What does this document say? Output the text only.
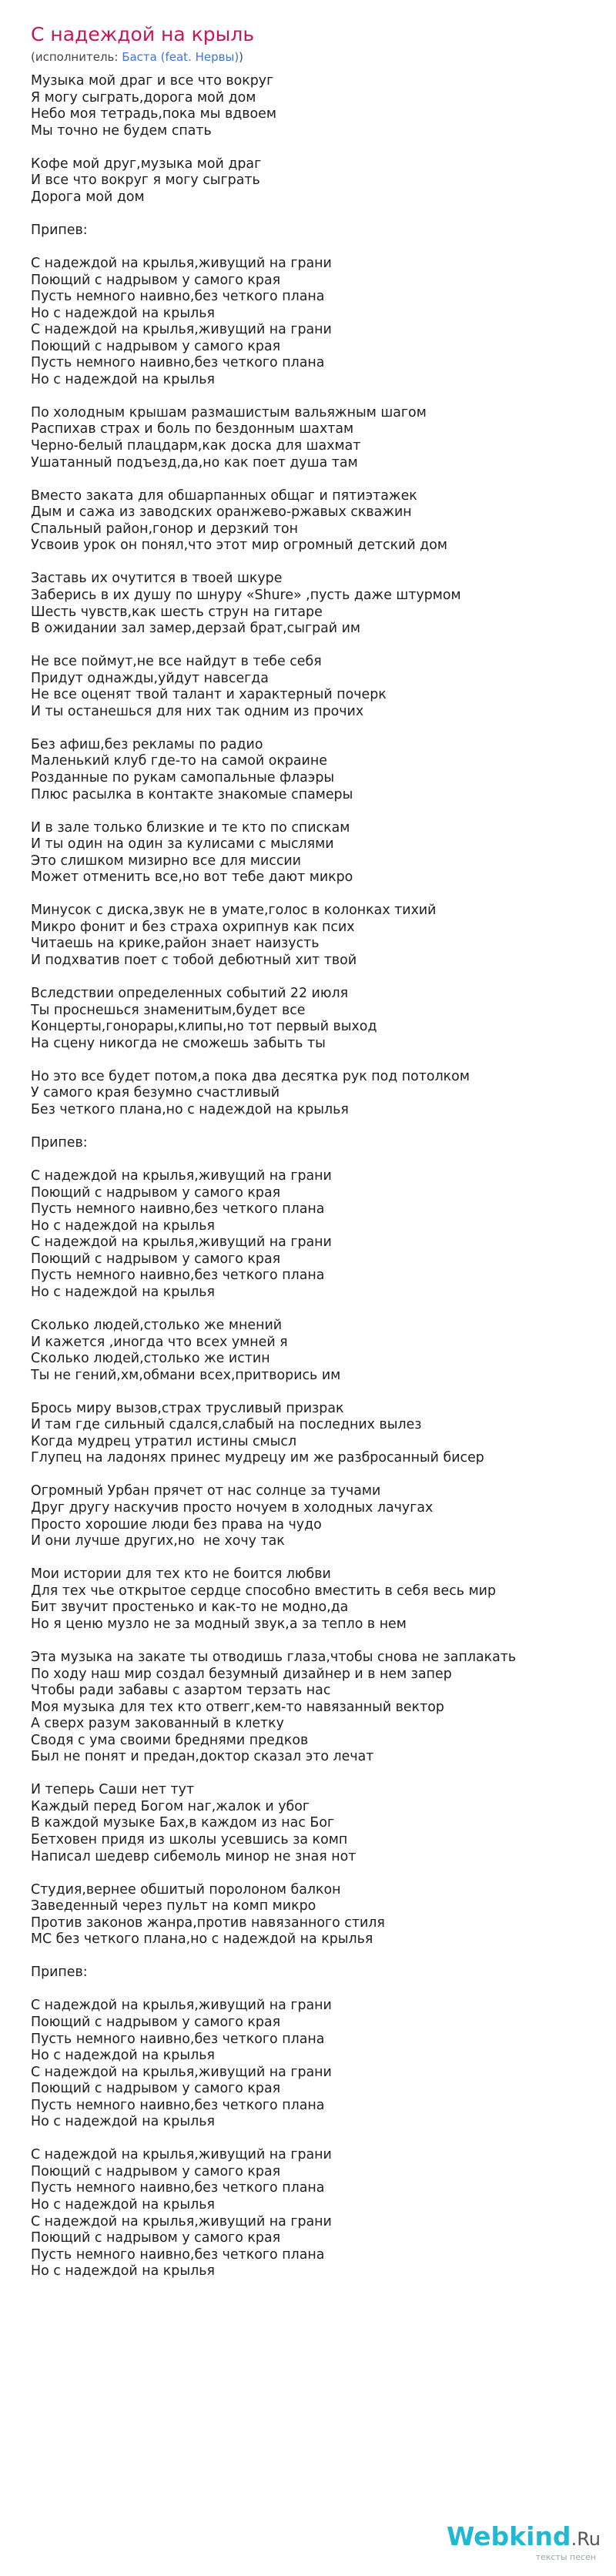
С надеждой на крыль
(исполнитель: Баста (feat. Нервы))
Музыка мой драг и все что вокруг
Я могу сыграть,дорога мой дом
Небо моя тетрадь,пока мы вдвоем
Мы точно не будем спать

Кофе мой друг,музыка мой драг
И все что вокруг я могу сыграть
Дорога мой дом

Припев:

С надеждой на крылья,живущий на грани
Поющий с надрывом у самого края
Пусть немного наивно,без четкого плана
Но с надеждой на крылья
С надеждой на крылья,живущий на грани
Поющий с надрывом у самого края
Пусть немного наивно,без четкого плана
Но с надеждой на крылья

По холодным крышам размашистым вальяжным шагом
Распихав страх и боль по бездонным шахтам
Черно-белый плацдарм,как доска для шахмат
Ушатанный подъезд,да,но как поет душа там

Вместо заката для обшарпанных общаг и пятиэтажек
Дым и сажа из заводских оранжево-ржавых скважин
Спальный район,гонор и дерзкий тон
Усвоив урок он понял,что этот мир огромный детский дом

Заставь их очутится в твоей шкуре
Заберись в их душу по шнуру «Shure» ,пусть даже штурмом
Шесть чувств,как шесть струн на гитаре
В ожидании зал замер,дерзай брат,сыграй им

Не все поймут,не все найдут в тебе себя
Придут однажды,уйдут навсегда
Не все оценят твой талант и характерный почерк
И ты останешься для них так одним из прочих

Без афиш,без рекламы по радио
Маленький клуб где-то на самой окраине
Розданные по рукам самопальные флаэры
Плюс расылка в контакте знакомые спамеры

И в зале только близкие и те кто по спискам
И ты один на один за кулисами с мыслями
Это слишком мизирно все для миссии
Может отменить все,но вот тебе дают микро

Минусок с диска,звук не в умате,голос в колонках тихий
Микро фонит и без страха охрипнув как псих
Читаешь на крике,район знает наизусть
И подхватив поет с тобой дебютный хит твой

Вследствии определенных событий 22 июля
Ты проснешься знаменитым,будет все
Концерты,гонорары,клипы,но тот первый выход
На сцену никогда не сможешь забыть ты

Но это все будет потом,а пока два десятка рук под потолком
У самого края безумно счастливый
Без четкого плана,но с надеждой на крылья

Припев:

С надеждой на крылья,живущий на грани
Поющий с надрывом у самого края
Пусть немного наивно,без четкого плана
Но с надеждой на крылья
С надеждой на крылья,живущий на грани
Поющий с надрывом у самого края
Пусть немного наивно,без четкого плана
Но с надеждой на крылья

Сколько людей,столько же мнений
И кажется ,иногда что всех умней я
Сколько людей,столько же истин
Ты не гений,хм,обмани всех,притворись им

Брось миру вызов,страх трусливый призрак
И там где сильный сдался,слабый на последних вылез
Когда мудрец утратил истины смысл
Глупец на ладонях принес мудрецу им же разбросанный бисер

Огромный Урбан прячет от нас солнце за тучами
Друг другу наскучив просто ночуем в холодных лачугах
Просто хорошие люди без права на чудо
И они лучше других,но  не хочу так

Мои истории для тех кто не боится любви
Для тех чье открытое сердце способно вместить в себя весь мир
Бит звучит простенько и как-то не модно,да
Но я ценю музло не за модный звук,а за тепло в нем

Эта музыка на закате ты отводишь глаза,чтобы снова не заплакать
По ходу наш мир создал безумный дизайнер и в нем запер
Чтобы ради забавы с азартом терзать нас
Моя музыка для тех кто отвеrг,кем-то навязанный вектор
А сверх разум закованный в клетку
Сводя с ума своими бреднями предков
Был не понят и предан,доктор сказал это лечат

И теперь Саши нет тут
Каждый перед Богом наг,жалок и убог
В каждой музыке Бах,в каждом из нас Бог
Бетховен придя из школы усевшись за комп
Написал шедевр сибемоль минор не зная нот

Студия,вернее обшитый поролоном балкон
Заведенный через пульт на комп микро
Против законов жанра,против навязанного стиля
MC без четкого плана,но с надеждой на крылья

Припев:

С надеждой на крылья,живущий на грани
Поющий с надрывом у самого края
Пусть немного наивно,без четкого плана
Но с надеждой на крылья
С надеждой на крылья,живущий на грани
Поющий с надрывом у самого края
Пусть немного наивно,без четкого плана
Но с надеждой на крылья

С надеждой на крылья,живущий на грани
Поющий с надрывом у самого края
Пусть немного наивно,без четкого плана
Но с надеждой на крылья
С надеждой на крылья,живущий на грани
Поющий с надрывом у самого края
Пусть немного наивно,без четкого плана
Но с надеждой на крылья
Webkind.Ru
тексты песен
